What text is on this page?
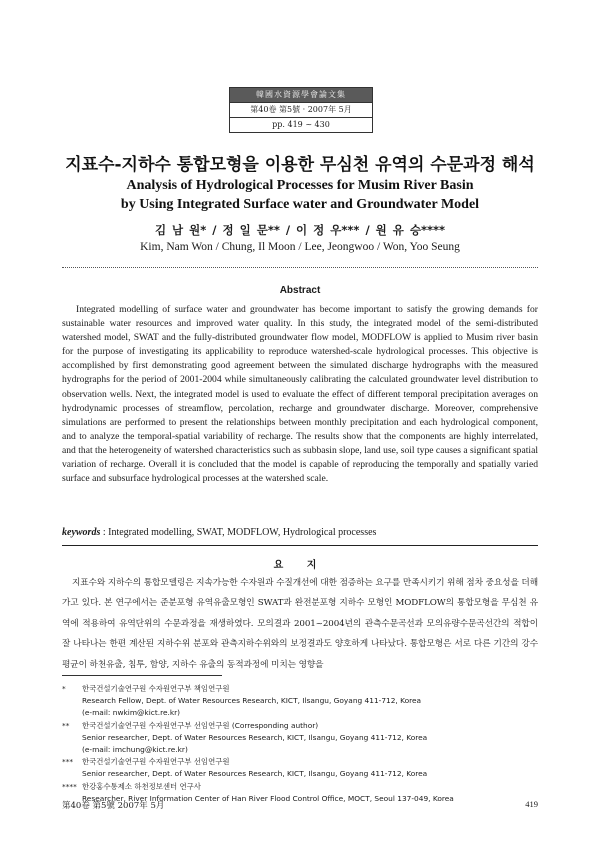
韓國水資源學會論文集
第40卷 第5號 · 2007年 5月
pp. 419 ~ 430
지표수-지하수 통합모형을 이용한 무심천 유역의 수문과정 해석
Analysis of Hydrological Processes for Musim River Basin
by Using Integrated Surface water and Groundwater Model
김 남 원* / 정 일 문** / 이 정 우*** / 원 유 승****
Kim, Nam Won / Chung, Il Moon / Lee, Jeongwoo / Won, Yoo Seung
Abstract

Integrated modelling of surface water and groundwater has become important to satisfy the growing demands for sustainable water resources and improved water quality. In this study, the integrated model of the semi-distributed watershed model, SWAT and the fully-distributed groundwater flow model, MODFLOW is applied to Musim river basin for the purpose of investigating its applicability to reproduce watershed-scale hydrological processes. This objective is accomplished by first demonstrating good agreement between the simulated discharge hydrographs with the measured hydrographs for the period of 2001-2004 while simultaneously calibrating the calculated groundwater level distribution to observation wells. Next, the integrated model is used to evaluate the effect of different temporal precipitation averages on hydrodynamic processes of streamflow, percolation, recharge and groundwater discharge. Moreover, comprehensive simulations are performed to present the relationships between monthly precipitation and each hydrological component, and to analyze the temporal-spatial variability of recharge. The results show that the components are highly interrelated, and that the heterogeneity of watershed characteristics such as subbasin slope, land use, soil type causes a significant spatial variation of recharge. Overall it is concluded that the model is capable of reproducing the temporally and spatially varied surface and subsurface hydrological processes at the watershed scale.

keywords : Integrated modelling, SWAT, MODFLOW, Hydrological processes
요 지

지표수와 지하수의 통합모델링은 지속가능한 수자원과 수질개선에 대한 점증하는 요구를 만족시키기 위해 점차 중요성을 더해가고 있다. 본 연구에서는 준분포형 유역유출모형인 SWAT과 완전분포형 지하수 모형인 MODFLOW의 통합모형을 무심천 유역에 적용하여 유역단위의 수문과정을 재생하였다. 모의결과 2001~2004년의 관측수문곡선과 모의유량수문곡선간의 적합이 잘 나타나는 한편 계산된 지하수위 분포와 관측지하수위와의 보정결과도 양호하게 나타났다. 통합모형은 서로 다른 기간의 강수평균이 하천유출, 침투, 함양, 지하수 유출의 동적과정에 미치는 영향을

* 한국건설기술연구원 수자원연구부 책임연구원
Research Fellow, Dept. of Water Resources Research, KICT, Ilsangu, Goyang 411-712, Korea
(e-mail: nwkim@kict.re.kr)
** 한국건설기술연구원 수자원연구부 선임연구원 (Corresponding author)
Senior researcher, Dept. of Water Resources Research, KICT, Ilsangu, Goyang 411-712, Korea
(e-mail: imchung@kict.re.kr)
*** 한국건설기술연구원 수자원연구부 선임연구원
Senior researcher, Dept. of Water Resources Research, KICT, Ilsangu, Goyang 411-712, Korea
**** 한강홍수통제소 하천정보센터 연구사
Researcher, River Information Center of Han River Flood Control Office, MOCT, Seoul 137-049, Korea
第40卷 第5號 2007年 5月	419
